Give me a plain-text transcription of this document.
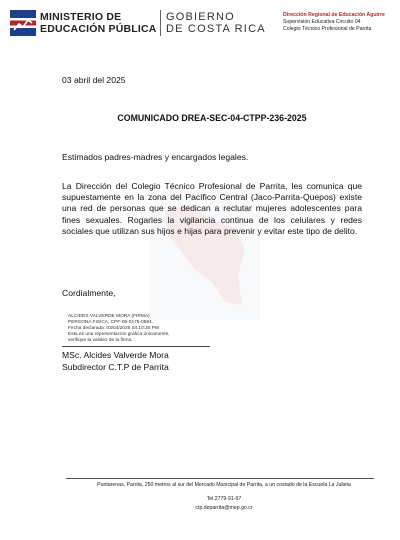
MINISTERIO DE
EDUCACIÓN PÚBLICA
GOBIERNO
DE COSTA RICA
Dirección Regional de Educación Aguirre
Supervisión Educativa Circuito 04
Colegio Técnico Profesional de Parrita
03 abril del 2025
COMUNICADO DREA-SEC-04-CTPP-236-2025
Estimados padres-madres y encargados legales.
La Dirección del Colegio Técnico Profesional de Parrita, les comunica que supuestamente en la zona del Pacífico Central (Jaco-Parrita-Quepos) existe una red de personas que se dedican a reclutar mujeres adolescentes para fines sexuales. Rogarles la vigilancia continua de los celulares y redes sociales que utilizan sus hijos e hijas para prevenir y evitar este tipo de delito.
Cordialmente,
ALCIDES VALVERDE MORA (FIRMA)
PERSONA FISICA, CPF-06-0175-0584.
Fecha declarada: 03/04/2025 04:10:20 PM
Esta es una representación gráfica únicamente,
verifique la validez de la firma.
MSc. Alcides Valverde Mora
Subdirector C.T.P de Parrita
Puntarenas, Parrita, 250 metros al sur del Mercado Municipal de Parrita, a un costado de la Escuela La Julieta
Tel.2779-91-97
ctp.deparrita@mep.go.cr
